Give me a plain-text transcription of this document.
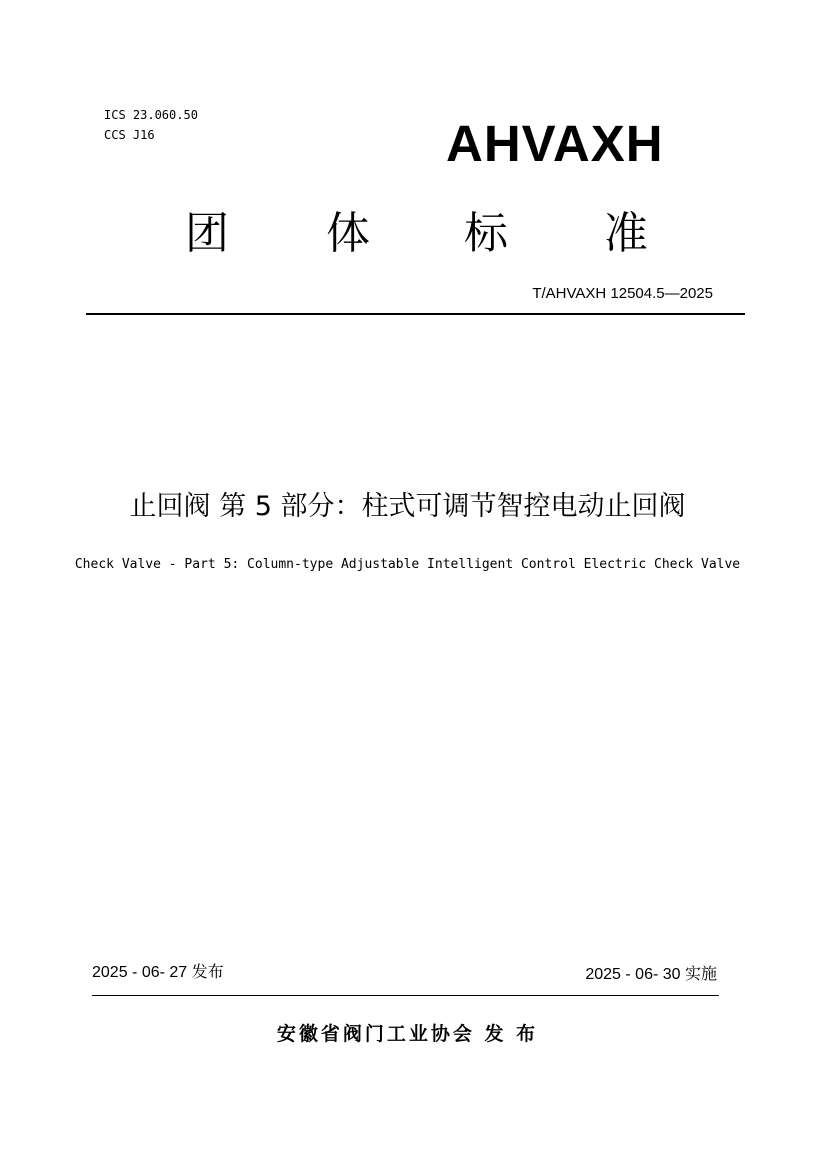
ICS 23.060.50
CCS J16	AHVAXH
团 体 标 准
T/AHVAXH 12504.5—2025
止回阀 第 5 部分：柱式可调节智控电动止回阀
Check Valve - Part 5: Column-type Adjustable Intelligent Control Electric Check Valve
2025 - 06- 27 发布	2025 - 06- 30 实施
安徽省阀门工业协会 发 布
